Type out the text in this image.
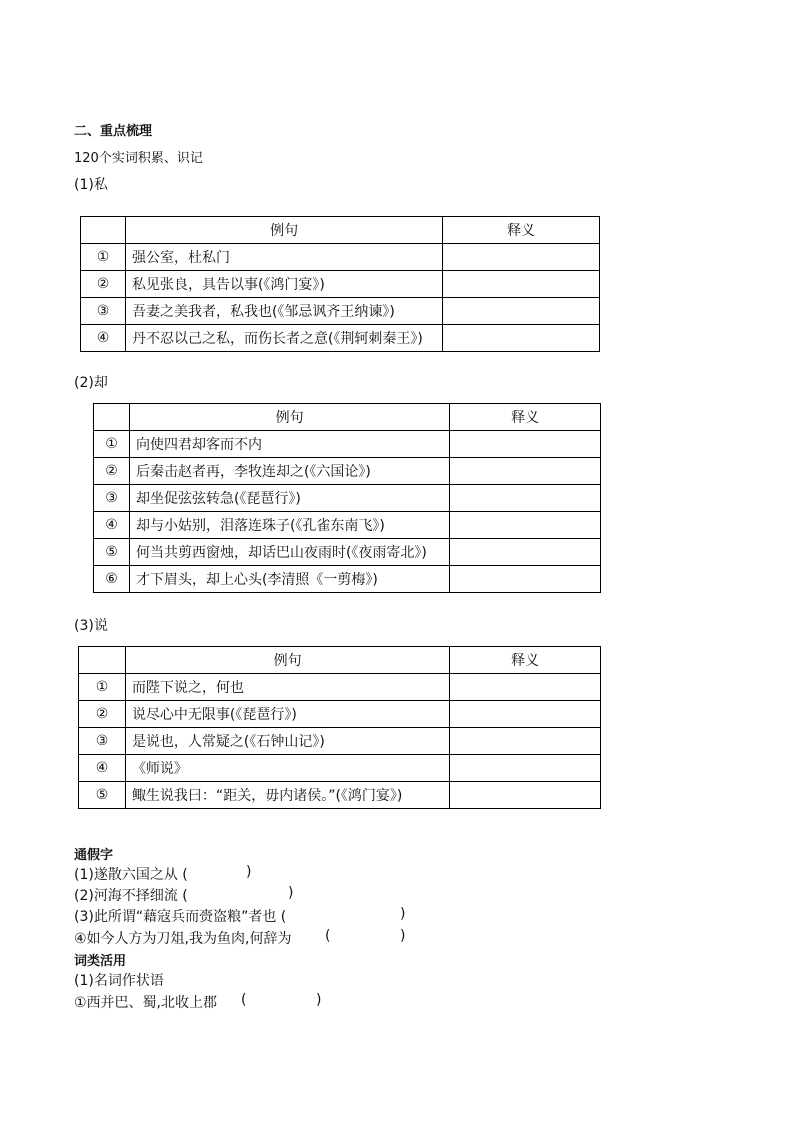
二、重点梳理
120个实词积累、识记
(1)私
	例句	释义
①	强公室，杜私门	
②	私见张良，具告以事(《鸿门宴》)	
③	吾妻之美我者，私我也(《邹忌讽齐王纳谏》)	
④	丹不忍以己之私，而伤长者之意(《荆轲刺秦王》)	
(2)却
	例句	释义
①	向使四君却客而不内	
②	后秦击赵者再，李牧连却之(《六国论》)	
③	却坐促弦弦转急(《琵琶行》)	
④	却与小姑别，泪落连珠子(《孔雀东南飞》)	
⑤	何当共剪西窗烛，却话巴山夜雨时(《夜雨寄北》)	
⑥	才下眉头，却上心头(李清照《一剪梅》)	
(3)说
	例句	释义
①	而陛下说之，何也	
②	说尽心中无限事(《琵琶行》)	
③	是说也，人常疑之(《石钟山记》)	
④	《师说》	
⑤	鲰生说我曰：“距关，毋内诸侯。”(《鸿门宴》)	
通假字
(1)遂散六国之从 (	)
(2)河海不择细流 (	)
(3)此所谓“藉寇兵而赍盗粮”者也 (	)
④如今人方为刀俎,我为鱼肉,何辞为 (	)
词类活用
(1)名词作状语
①西并巴、蜀,北收上郡 (	)
